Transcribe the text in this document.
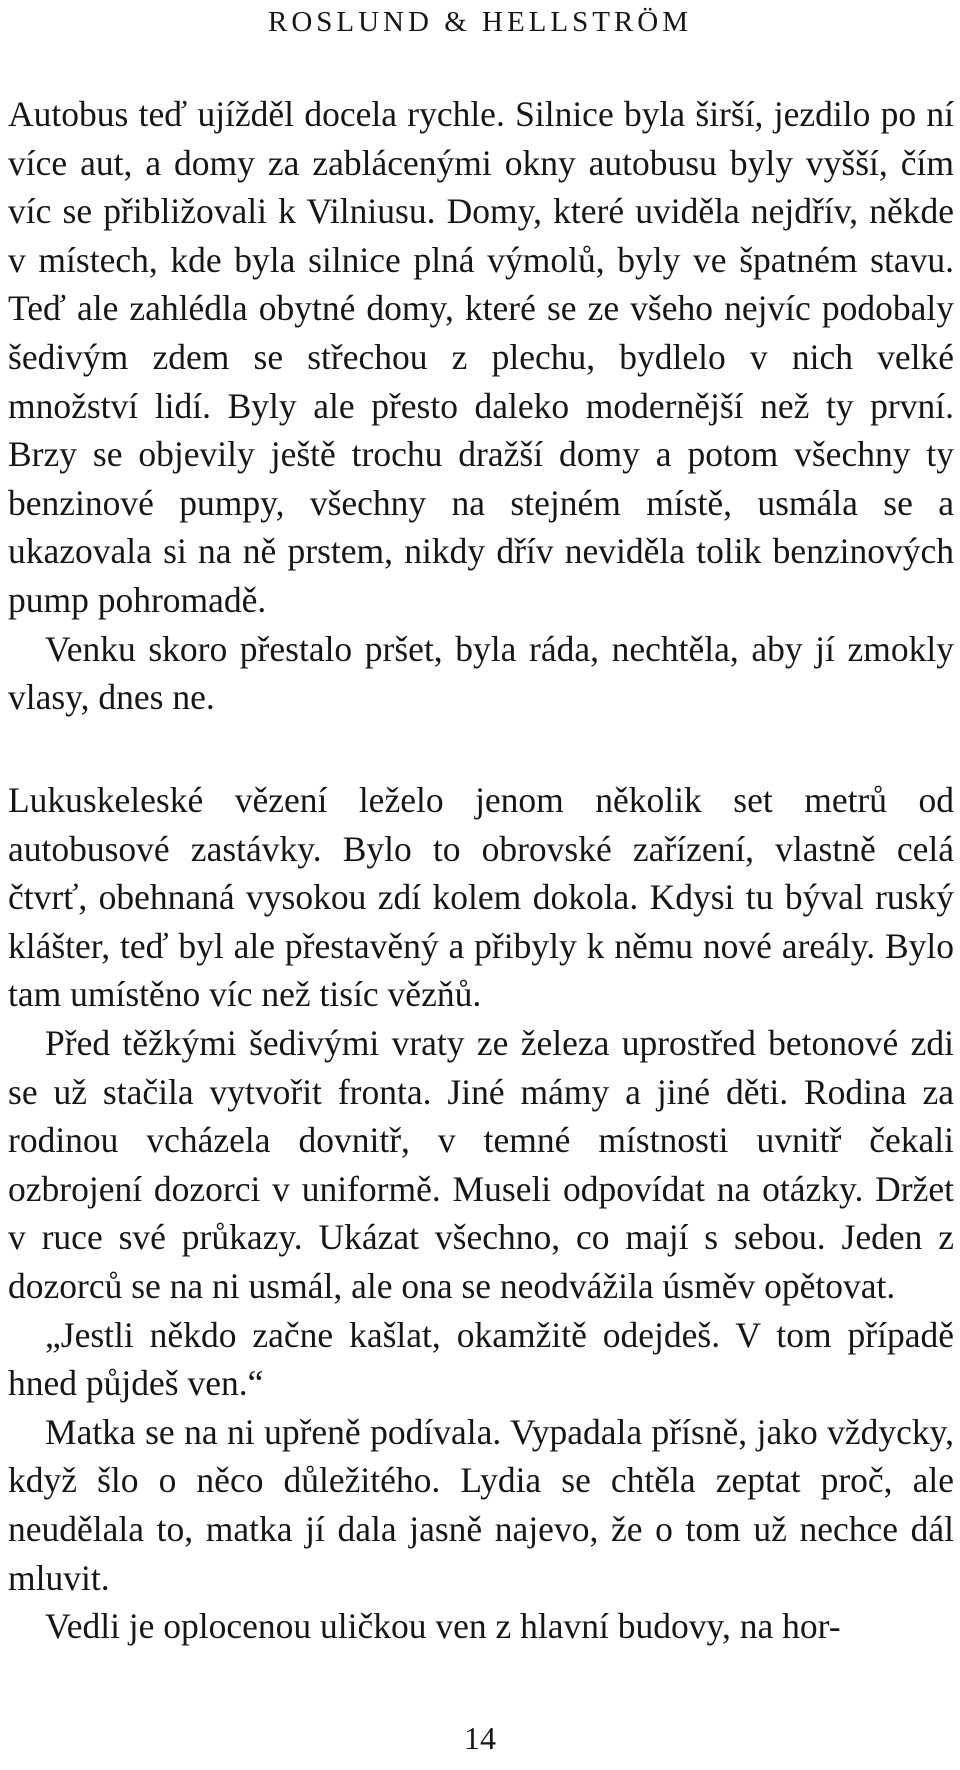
ROSLUND & HELLSTRÖM

Autobus teď ujížděl docela rychle. Silnice byla širší, jezdilo po ní více aut, a domy za zablácenými okny autobusu byly vyšší, čím víc se přibližovali k Vilniusu. Domy, které uviděla nejdřív, někde v místech, kde byla silnice plná výmolů, byly ve špatném stavu. Teď ale zahlédla obytné domy, které se ze všeho nejvíc podobaly šedivým zdem se střechou z plechu, bydlelo v nich velké množství lidí. Byly ale přesto daleko modernější než ty první. Brzy se objevily ještě trochu dražší domy a potom všechny ty benzinové pumpy, všechny na stejném místě, usmála se a ukazovala si na ně prstem, nikdy dřív neviděla tolik benzinových pump pohromadě.

Venku skoro přestalo pršet, byla ráda, nechtěla, aby jí zmokly vlasy, dnes ne.

Lukuskeleské vězení leželo jenom několik set metrů od autobusové zastávky. Bylo to obrovské zařízení, vlastně celá čtvrť, obehnaná vysokou zdí kolem dokola. Kdysi tu býval ruský klášter, teď byl ale přestavěný a přibyly k němu nové areály. Bylo tam umístěno víc než tisíc vězňů.

Před těžkými šedivými vraty ze železa uprostřed betonové zdi se už stačila vytvořit fronta. Jiné mámy a jiné děti. Rodina za rodinou vcházela dovnitř, v temné místnosti uvnitř čekali ozbrojení dozorci v uniformě. Museli odpovídat na otázky. Držet v ruce své průkazy. Ukázat všechno, co mají s sebou. Jeden z dozorců se na ni usmál, ale ona se neodvážila úsměv opětovat.

„Jestli někdo začne kašlat, okamžitě odejdeš. V tom případě hned půjdeš ven.“

Matka se na ni upřeně podívala. Vypadala přísně, jako vždycky, když šlo o něco důležitého. Lydia se chtěla zeptat proč, ale neudělala to, matka jí dala jasně najevo, že o tom už nechce dál mluvit.

Vedli je oplocenou uličkou ven z hlavní budovy, na hor-

14
